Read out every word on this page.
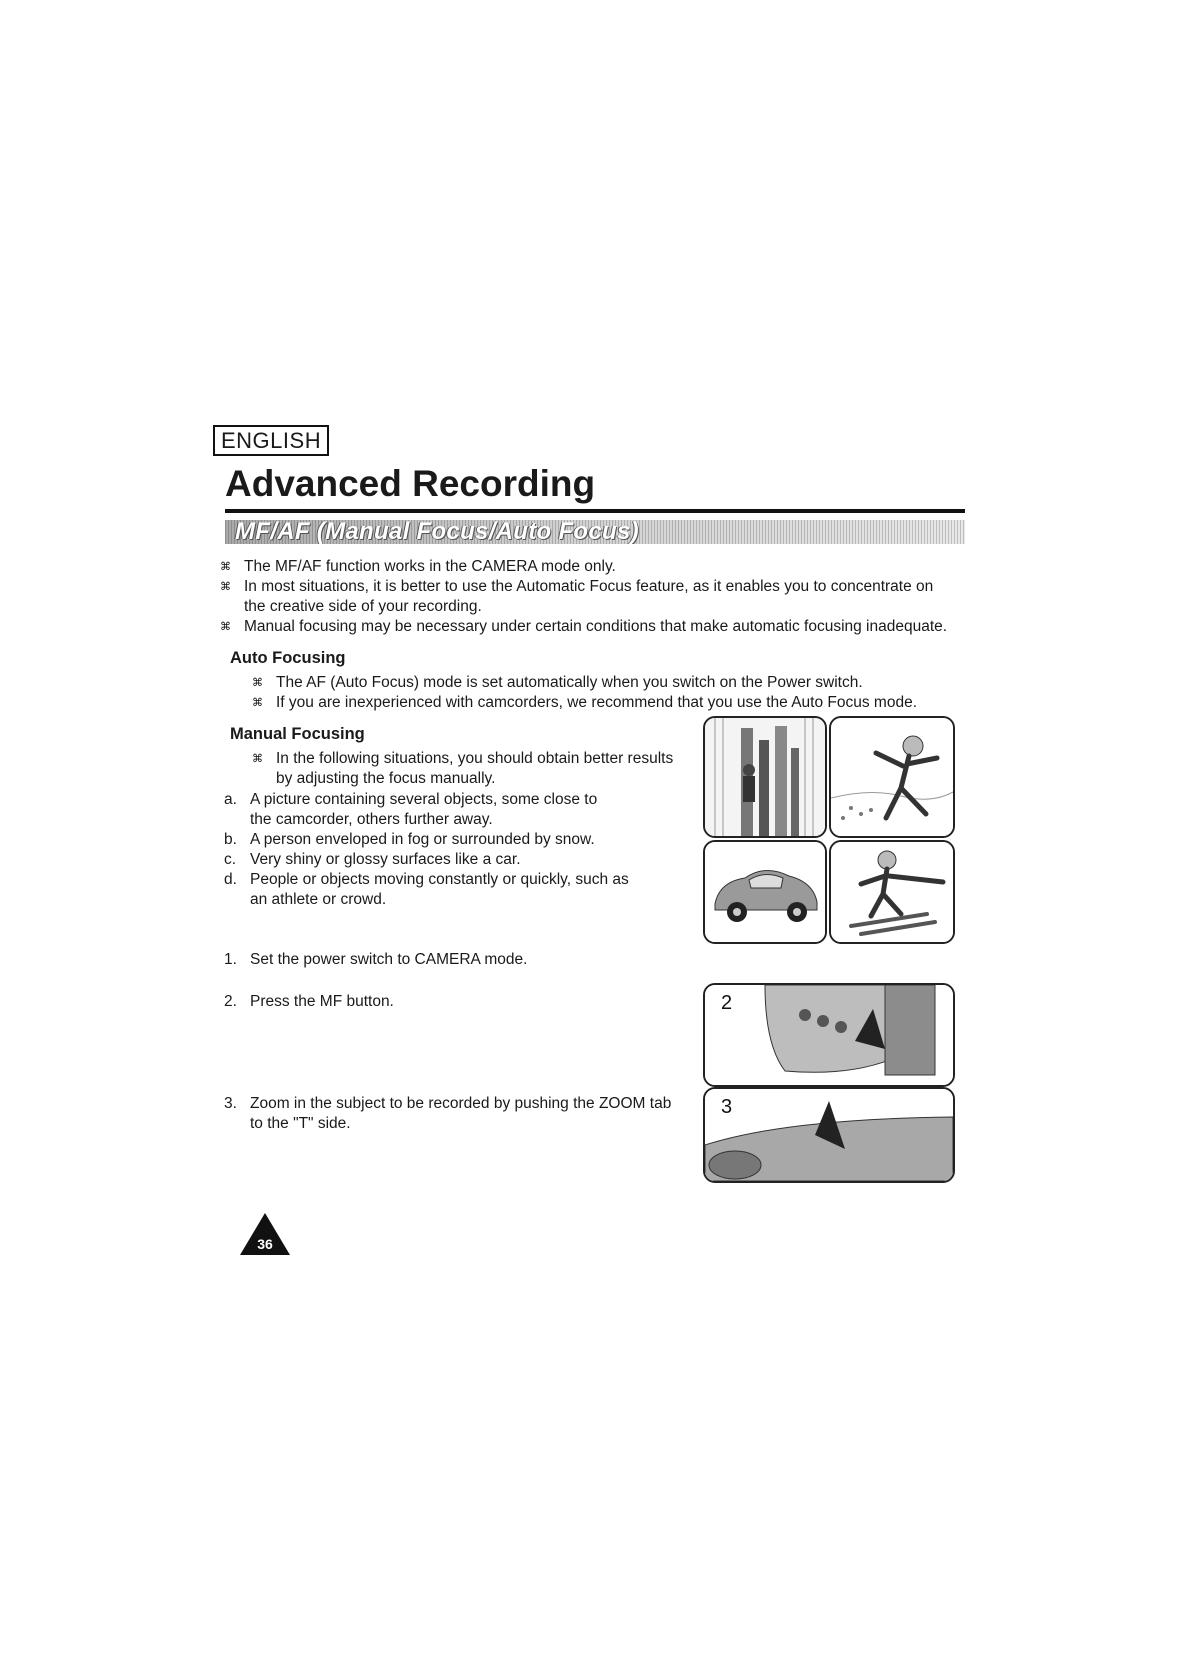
ENGLISH
Advanced Recording
MF/AF (Manual Focus/Auto Focus)
⌘ The MF/AF function works in the CAMERA mode only.
⌘ In most situations, it is better to use the Automatic Focus feature, as it enables you to concentrate on
the creative side of your recording.
⌘ Manual focusing may be necessary under certain conditions that make automatic focusing inadequate.
Auto Focusing
⌘ The AF (Auto Focus) mode is set automatically when you switch on the Power switch.
⌘ If you are inexperienced with camcorders, we recommend that you use the Auto Focus mode.
Manual Focusing
⌘ In the following situations, you should obtain better results
by adjusting the focus manually.
a. A picture containing several objects, some close to
the camcorder, others further away.
b. A person enveloped in fog or surrounded by snow.
c. Very shiny or glossy surfaces like a car.
d. People or objects moving constantly or quickly, such as
an athlete or crowd.
1. Set the power switch to CAMERA mode.
2. Press the MF button.
3. Zoom in the subject to be recorded by pushing the ZOOM tab
to the "T" side.
2
3
36
